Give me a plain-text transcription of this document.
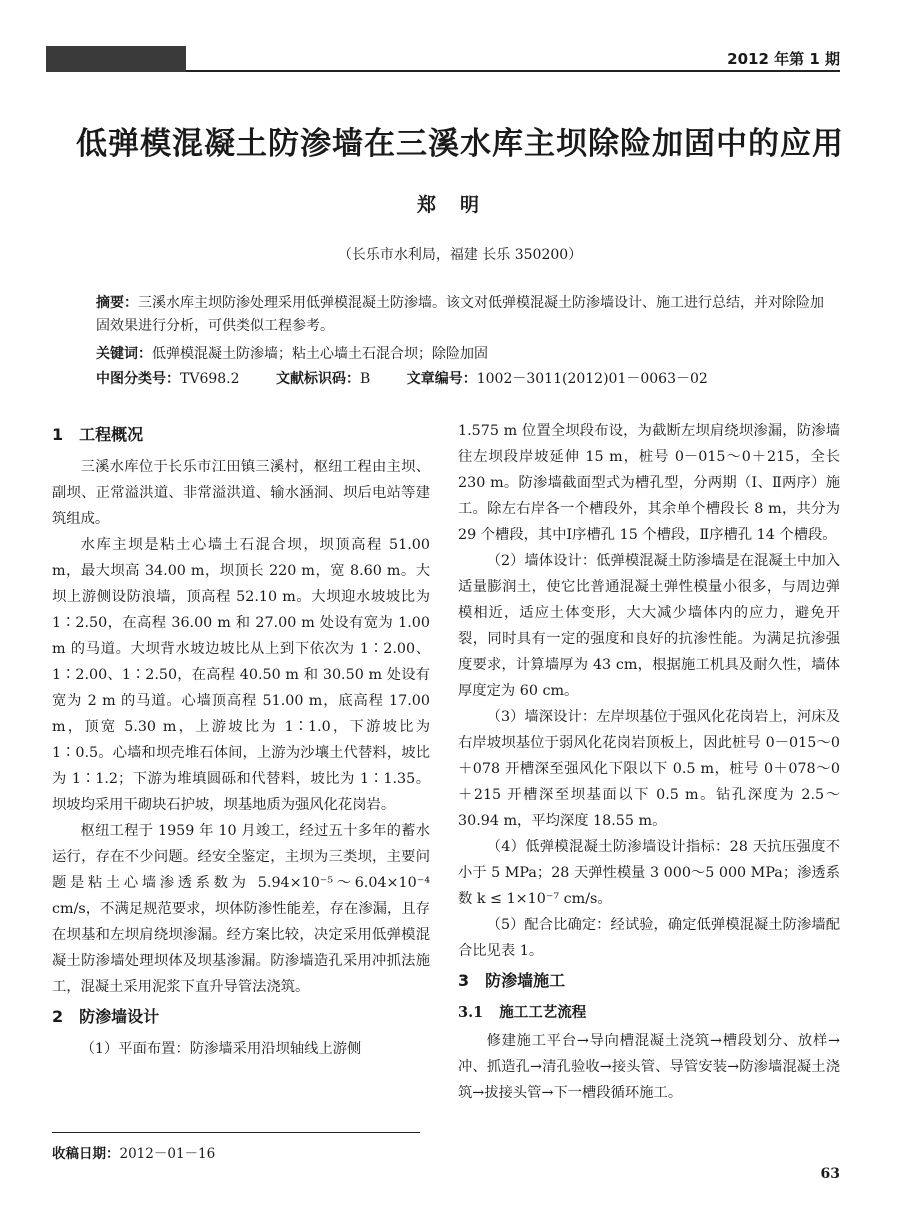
2012 年第 1 期
低弹模混凝土防渗墙在三溪水库主坝除险加固中的应用
郑明
（长乐市水利局，福建 长乐 350200）
摘要：三溪水库主坝防渗处理采用低弹模混凝土防渗墙。该文对低弹模混凝土防渗墙设计、施工进行总结，并对除险加固效果进行分析，可供类似工程参考。
关键词：低弹模混凝土防渗墙；粘土心墙土石混合坝；除险加固
中图分类号：TV698.2	文献标识码：B	文章编号：1002－3011(2012)01－0063－02
1 工程概况

三溪水库位于长乐市江田镇三溪村，枢纽工程由主坝、副坝、正常溢洪道、非常溢洪道、输水涵洞、坝后电站等建筑组成。

水库主坝是粘土心墙土石混合坝，坝顶高程 51.00 m，最大坝高 34.00 m，坝顶长 220 m，宽 8.60 m。大坝上游侧设防浪墙，顶高程 52.10 m。大坝迎水坡坡比为 1∶2.50，在高程 36.00 m 和 27.00 m 处设有宽为 1.00 m 的马道。大坝背水坡边坡比从上到下依次为 1∶2.00、1∶2.00、1∶2.50，在高程 40.50 m 和 30.50 m 处设有宽为 2 m 的马道。心墙顶高程 51.00 m，底高程 17.00 m，顶宽 5.30 m，上游坡比为 1∶1.0，下游坡比为 1∶0.5。心墙和坝壳堆石体间，上游为沙壤土代替料，坡比为 1∶1.2；下游为堆填圆砾和代替料，坡比为 1∶1.35。坝坡均采用干砌块石护坡，坝基地质为强风化花岗岩。

枢纽工程于 1959 年 10 月竣工，经过五十多年的蓄水运行，存在不少问题。经安全鉴定，主坝为三类坝，主要问题是粘土心墙渗透系数为 5.94×10⁻⁵～6.04×10⁻⁴ cm/s，不满足规范要求，坝体防渗性能差，存在渗漏，且存在坝基和左坝肩绕坝渗漏。经方案比较，决定采用低弹模混凝土防渗墙处理坝体及坝基渗漏。防渗墙造孔采用冲抓法施工，混凝土采用泥浆下直升导管法浇筑。

2 防渗墙设计

（1）平面布置：防渗墙采用沿坝轴线上游侧

1.575 m 位置全坝段布设，为截断左坝肩绕坝渗漏，防渗墙往左坝段岸坡延伸 15 m，桩号 0－015～0＋215，全长 230 m。防渗墙截面型式为槽孔型，分两期（Ⅰ、Ⅱ两序）施工。除左右岸各一个槽段外，其余单个槽段长 8 m，共分为 29 个槽段，其中Ⅰ序槽孔 15 个槽段，Ⅱ序槽孔 14 个槽段。

（2）墙体设计：低弹模混凝土防渗墙是在混凝土中加入适量膨润土，使它比普通混凝土弹性模量小很多，与周边弹模相近，适应土体变形，大大减少墙体内的应力，避免开裂，同时具有一定的强度和良好的抗渗性能。为满足抗渗强度要求，计算墙厚为 43 cm，根据施工机具及耐久性，墙体厚度定为 60 cm。

（3）墙深设计：左岸坝基位于强风化花岗岩上，河床及右岸坡坝基位于弱风化花岗岩顶板上，因此桩号 0－015～0＋078 开槽深至强风化下限以下 0.5 m，桩号 0＋078～0＋215 开槽深至坝基面以下 0.5 m。钻孔深度为 2.5～30.94 m，平均深度 18.55 m。

（4）低弹模混凝土防渗墙设计指标：28 天抗压强度不小于 5 MPa；28 天弹性模量 3 000～5 000 MPa；渗透系数 k ≤ 1×10⁻⁷ cm/s。

（5）配合比确定：经试验，确定低弹模混凝土防渗墙配合比见表 1。

3 防渗墙施工
3.1 施工工艺流程

修建施工平台→导向槽混凝土浇筑→槽段划分、放样→冲、抓造孔→清孔验收→接头管、导管安装→防渗墙混凝土浇筑→拔接头管→下一槽段循环施工。

收稿日期：2012－01－16
63
